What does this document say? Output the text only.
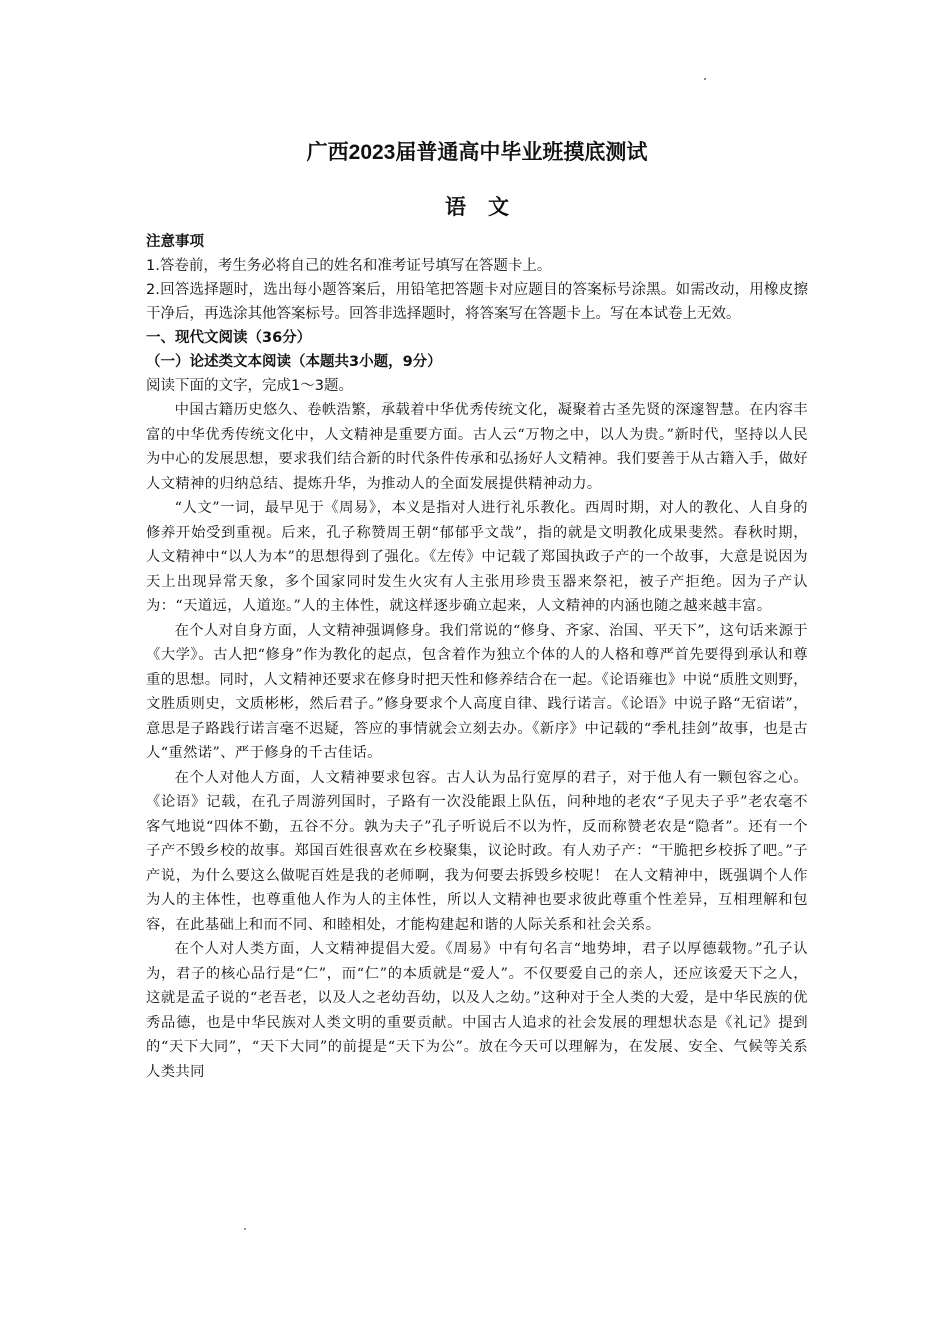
广西2023届普通高中毕业班摸底测试
语文
注意事项
1.答卷前，考生务必将自己的姓名和准考证号填写在答题卡上。
2.回答选择题时，选出每小题答案后，用铅笔把答题卡对应题目的答案标号涂黑。如需改动，用橡皮擦干净后，再选涂其他答案标号。回答非选择题时，将答案写在答题卡上。写在本试卷上无效。
一、现代文阅读（36分）
（一）论述类文本阅读（本题共3小题，9分）
阅读下面的文字，完成1～3题。

中国古籍历史悠久、卷帙浩繁，承载着中华优秀传统文化，凝聚着古圣先贤的深邃智慧。在内容丰富的中华优秀传统文化中，人文精神是重要方面。古人云“万物之中，以人为贵。”新时代，坚持以人民为中心的发展思想，要求我们结合新的时代条件传承和弘扬好人文精神。我们要善于从古籍入手，做好人文精神的归纳总结、提炼升华，为推动人的全面发展提供精神动力。

“人文”一词，最早见于《周易》，本义是指对人进行礼乐教化。西周时期，对人的教化、人自身的修养开始受到重视。后来，孔子称赞周王朝“郁郁乎文哉”，指的就是文明教化成果斐然。春秋时期，人文精神中“以人为本”的思想得到了强化。《左传》中记载了郑国执政子产的一个故事，大意是说因为天上出现异常天象，多个国家同时发生火灾有人主张用珍贵玉器来祭祀，被子产拒绝。因为子产认为：“天道远，人道迩。”人的主体性，就这样逐步确立起来，人文精神的内涵也随之越来越丰富。

在个人对自身方面，人文精神强调修身。我们常说的“修身、齐家、治国、平天下”，这句话来源于《大学》。古人把“修身”作为教化的起点，包含着作为独立个体的人的人格和尊严首先要得到承认和尊重的思想。同时，人文精神还要求在修身时把天性和修养结合在一起。《论语雍也》中说“质胜文则野，文胜质则史，文质彬彬，然后君子。”修身要求个人高度自律、践行诺言。《论语》中说子路“无宿诺”，意思是子路践行诺言毫不迟疑，答应的事情就会立刻去办。《新序》中记载的“季札挂剑”故事，也是古人“重然诺”、严于修身的千古佳话。

在个人对他人方面，人文精神要求包容。古人认为品行宽厚的君子，对于他人有一颗包容之心。《论语》记载，在孔子周游列国时，子路有一次没能跟上队伍，问种地的老农“子见夫子乎”老农毫不客气地说“四体不勤，五谷不分。孰为夫子”孔子听说后不以为忤，反而称赞老农是“隐者”。还有一个子产不毁乡校的故事。郑国百姓很喜欢在乡校聚集，议论时政。有人劝子产：“干脆把乡校拆了吧。”子产说，为什么要这么做呢百姓是我的老师啊，我为何要去拆毁乡校呢！ 在人文精神中，既强调个人作为人的主体性，也尊重他人作为人的主体性，所以人文精神也要求彼此尊重个性差异，互相理解和包容，在此基础上和而不同、和睦相处，才能构建起和谐的人际关系和社会关系。

在个人对人类方面，人文精神提倡大爱。《周易》中有句名言“地势坤，君子以厚德载物。”孔子认为，君子的核心品行是“仁”，而“仁”的本质就是“爱人”。不仅要爱自己的亲人，还应该爱天下之人，这就是孟子说的“老吾老，以及人之老幼吾幼，以及人之幼。”这种对于全人类的大爱，是中华民族的优秀品德，也是中华民族对人类文明的重要贡献。中国古人追求的社会发展的理想状态是《礼记》提到的“天下大同”，“天下大同”的前提是“天下为公”。放在今天可以理解为，在发展、安全、气候等关系人类共同
